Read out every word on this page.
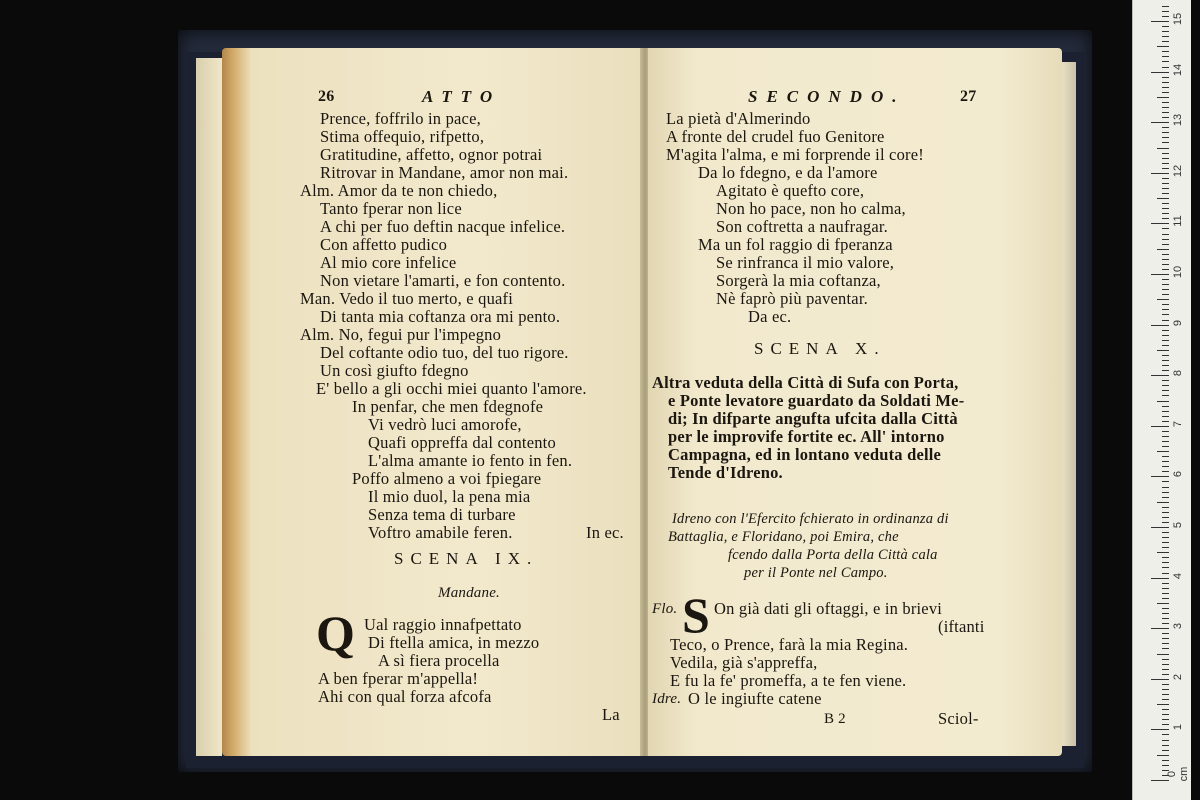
26	ATTO
Prence, foffrilo in pace,
Stima offequio, rifpetto,
Gratitudine, affetto, ognor potrai
Ritrovar in Mandane, amor non mai.
Alm. Amor da te non chiedo,
Tanto fperar non lice
A chi per fuo deftin nacque infelice.
Con affetto pudico
Al mio core infelice
Non vietare l'amarti, e fon contento.
Man. Vedo il tuo merto, e quafi
Di tanta mia coftanza ora mi pento.
Alm. No, fegui pur l'impegno
Del coftante odio tuo, del tuo rigore.
Un così giufto fdegno
E' bello a gli occhi miei quanto l'amore.
In penfar, che men fdegnofe
Vi vedrò luci amorofe,
Quafi oppreffa dal contento
L'alma amante io fento in fen.
Poffo almeno a voi fpiegare
Il mio duol, la pena mia
Senza tema di turbare
Voftro amabile feren.	In ec.
SCENA IX.
Mandane.
Q Ual raggio innafpettato
Di ftella amica, in mezzo
A sì fiera procella
A ben fperar m'appella!
Ahi con qual forza afcofa
La
SECONDO.	27
La pietà d'Almerindo
A fronte del crudel fuo Genitore
M'agita l'alma, e mi forprende il core!
Da lo fdegno, e da l'amore
Agitato è quefto core,
Non ho pace, non ho calma,
Son coftretta a naufragar.
Ma un fol raggio di fperanza
Se rinfranca il mio valore,
Sorgerà la mia coftanza,
Nè faprò più paventar.
Da ec.
SCENA X.
Altra veduta della Città di Sufa con Porta,
e Ponte levatore guardato da Soldati Me-
di; In difparte angufta ufcita dalla Città
per le improvife fortite ec. All' intorno
Campagna, ed in lontano veduta delle
Tende d'Idreno.
Idreno con l'Efercito fchierato in ordinanza di
Battaglia, e Floridano, poi Emira, che
fcendo dalla Porta della Città cala
per il Ponte nel Campo.
Flo. S On già dati gli oftaggi, e in brievi
(iftanti
Teco, o Prence, farà la mia Regina.
Vedila, già s'appreffa,
E fu la fe' promeffa, a te fen viene.
Idre. O le ingiufte catene
B 2	Sciol-
0 cm
1
2
3
4
5
6
7
8
9
10
11
12
13
14
15
